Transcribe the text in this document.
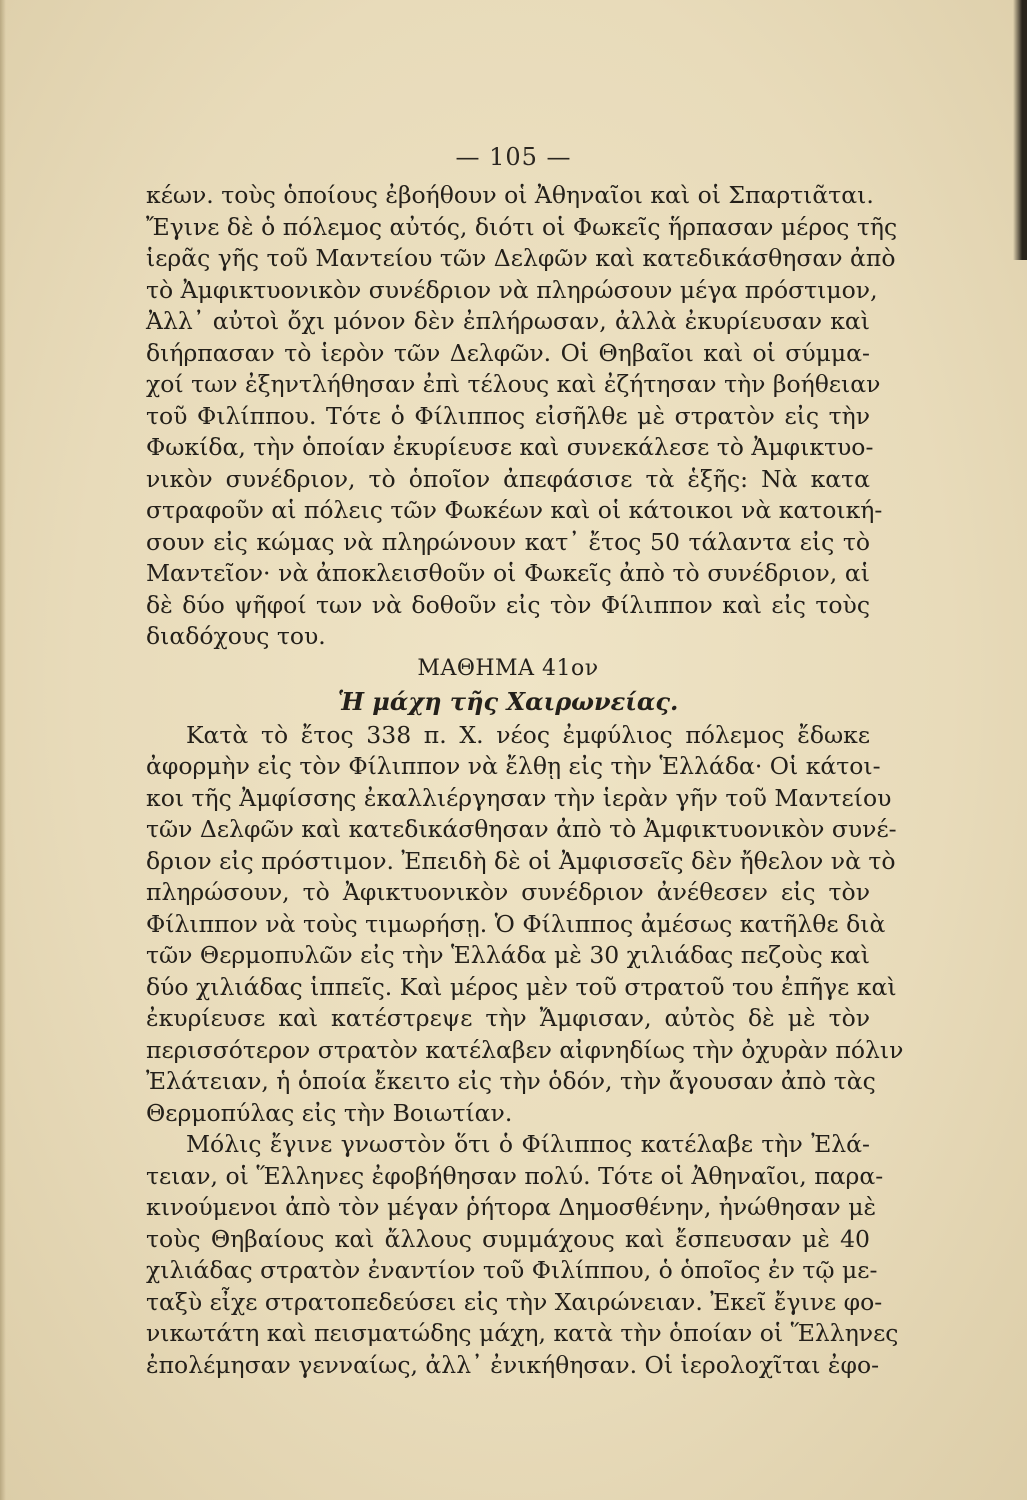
— 105 —
κέων. τοὺς ὁποίους ἐβοήθουν οἱ Ἀθηναῖοι καὶ οἱ Σπαρτιᾶται.
Ἔγινε δὲ ὁ πόλεμος αὐτός, διότι οἱ Φωκεῖς ἥρπασαν μέρος τῆς
ἱερᾶς γῆς τοῦ Μαντείου τῶν Δελφῶν καὶ κατεδικάσθησαν ἀπὸ
τὸ Ἀμφικτυονικὸν συνέδριον νὰ πληρώσουν μέγα πρόστιμον,
Ἀλλ᾽ αὐτοὶ ὄχι μόνον δὲν ἐπλήρωσαν, ἀλλὰ ἐκυρίευσαν καὶ
διήρπασαν τὸ ἱερὸν τῶν Δελφῶν. Οἱ Θηβαῖοι καὶ οἱ σύμμα-
χοί των ἐξηντλήθησαν ἐπὶ τέλους καὶ ἐζήτησαν τὴν βοήθειαν
τοῦ Φιλίππου. Τότε ὁ Φίλιππος εἰσῆλθε μὲ στρατὸν εἰς τὴν
Φωκίδα, τὴν ὁποίαν ἐκυρίευσε καὶ συνεκάλεσε τὸ Ἀμφικτυο-
νικὸν συνέδριον, τὸ ὁποῖον ἀπεφάσισε τὰ ἑξῆς: Νὰ κατα
στραφοῦν αἱ πόλεις τῶν Φωκέων καὶ οἱ κάτοικοι νὰ κατοική-
σουν εἰς κώμας νὰ πληρώνουν κατ᾽ ἔτος 50 τάλαντα εἰς τὸ
Μαντεῖον· νὰ ἀποκλεισθοῦν οἱ Φωκεῖς ἀπὸ τὸ συνέδριον, αἱ
δὲ δύο ψῆφοί των νὰ δοθοῦν εἰς τὸν Φίλιππον καὶ εἰς τοὺς
διαδόχους του.
ΜΑΘΗΜΑ 41ον
Ἡ μάχη τῆς Χαιρωνείας.
Κατὰ τὸ ἔτος 338 π. Χ. νέος ἐμφύλιος πόλεμος ἔδωκε
ἀφορμὴν εἰς τὸν Φίλιππον νὰ ἔλθῃ εἰς τὴν Ἑλλάδα· Οἱ κάτοι-
κοι τῆς Ἀμφίσσης ἐκαλλιέργησαν τὴν ἱερὰν γῆν τοῦ Μαντείου
τῶν Δελφῶν καὶ κατεδικάσθησαν ἀπὸ τὸ Ἀμφικτυονικὸν συνέ-
δριον εἰς πρόστιμον. Ἐπειδὴ δὲ οἱ Ἀμφισσεῖς δὲν ἤθελον νὰ τὸ
πληρώσουν, τὸ Ἀφικτυονικὸν συνέδριον ἀνέθεσεν εἰς τὸν
Φίλιππον νὰ τοὺς τιμωρήσῃ. Ὁ Φίλιππος ἀμέσως κατῆλθε διὰ
τῶν Θερμοπυλῶν εἰς τὴν Ἑλλάδα μὲ 30 χιλιάδας πεζοὺς καὶ
δύο χιλιάδας ἱππεῖς. Καὶ μέρος μὲν τοῦ στρατοῦ του ἐπῆγε καὶ
ἐκυρίευσε καὶ κατέστρεψε τὴν Ἄμφισαν, αὐτὸς δὲ μὲ τὸν
περισσότερον στρατὸν κατέλαβεν αἰφνηδίως τὴν ὀχυρὰν πόλιν
Ἐλάτειαν, ἡ ὁποία ἔκειτο εἰς τὴν ὁδόν, τὴν ἄγουσαν ἀπὸ τὰς
Θερμοπύλας εἰς τὴν Βοιωτίαν.
Μόλις ἔγινε γνωστὸν ὅτι ὁ Φίλιππος κατέλαβε τὴν Ἐλά-
τειαν, οἱ Ἕλληνες ἐφοβήθησαν πολύ. Τότε οἱ Ἀθηναῖοι, παρα-
κινούμενοι ἀπὸ τὸν μέγαν ῥήτορα Δημοσθένην, ἠνώθησαν μὲ
τοὺς Θηβαίους καὶ ἄλλους συμμάχους καὶ ἔσπευσαν μὲ 40
χιλιάδας στρατὸν ἐναντίον τοῦ Φιλίππου, ὁ ὁποῖος ἐν τῷ με-
ταξὺ εἶχε στρατοπεδεύσει εἰς τὴν Χαιρώνειαν. Ἐκεῖ ἔγινε φο-
νικωτάτη καὶ πεισματώδης μάχη, κατὰ τὴν ὁποίαν οἱ Ἕλληνες
ἐπολέμησαν γενναίως, ἀλλ᾽ ἐνικήθησαν. Οἱ ἱερολοχῖται ἐφο-
